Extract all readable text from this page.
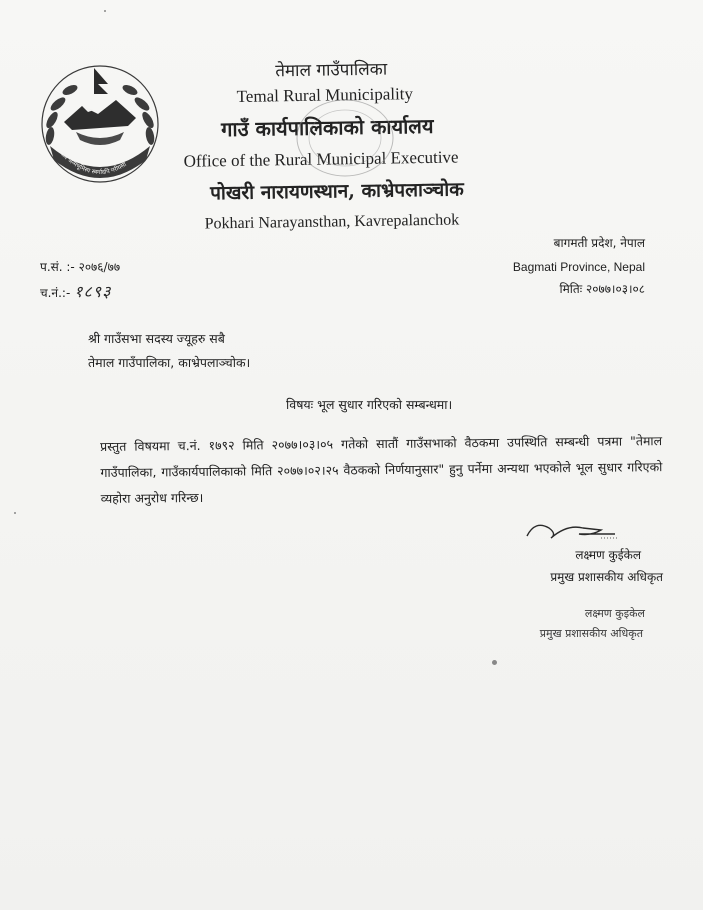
जय जन्मभूमिस्य स्वर्गादपि गरीयसी
तेमाल गाउँपालिका
Temal Rural Municipality
गाउँ कार्यपालिकाको कार्यालय
Office of the Rural Municipal Executive
पोखरी नारायणस्थान, काभ्रेपलाञ्चोक
Pokhari Narayansthan, Kavrepalanchok
बागमती प्रदेश, नेपाल
Bagmati Province, Nepal
मितिः २०७७।०३।०८
प.सं. :- २०७६/७७
च.नं.:- १८९३
श्री गाउँसभा सदस्य ज्यूहरु सबै
तेमाल गाउँपालिका, काभ्रेपलाञ्चोक।
विषयः भूल सुधार गरिएको सम्बन्धमा।
प्रस्तुत विषयमा च.नं. १७९२ मिति २०७७।०३।०५ गतेको सातौं गाउँसभाको वैठकमा उपस्थिति सम्बन्धी पत्रमा "तेमाल गाउँपालिका, गाउँकार्यपालिकाको मिति २०७७।०२।२५ वैठकको निर्णयानुसार" हुनु पर्नेमा अन्यथा भएकोले भूल सुधार गरिएको व्यहोरा अनुरोध गरिन्छ।
लक्ष्मण कुईकेल
प्रमुख प्रशासकीय अधिकृत
लक्ष्मण कुइकेल
प्रमुख प्रशासकीय अधिकृत
